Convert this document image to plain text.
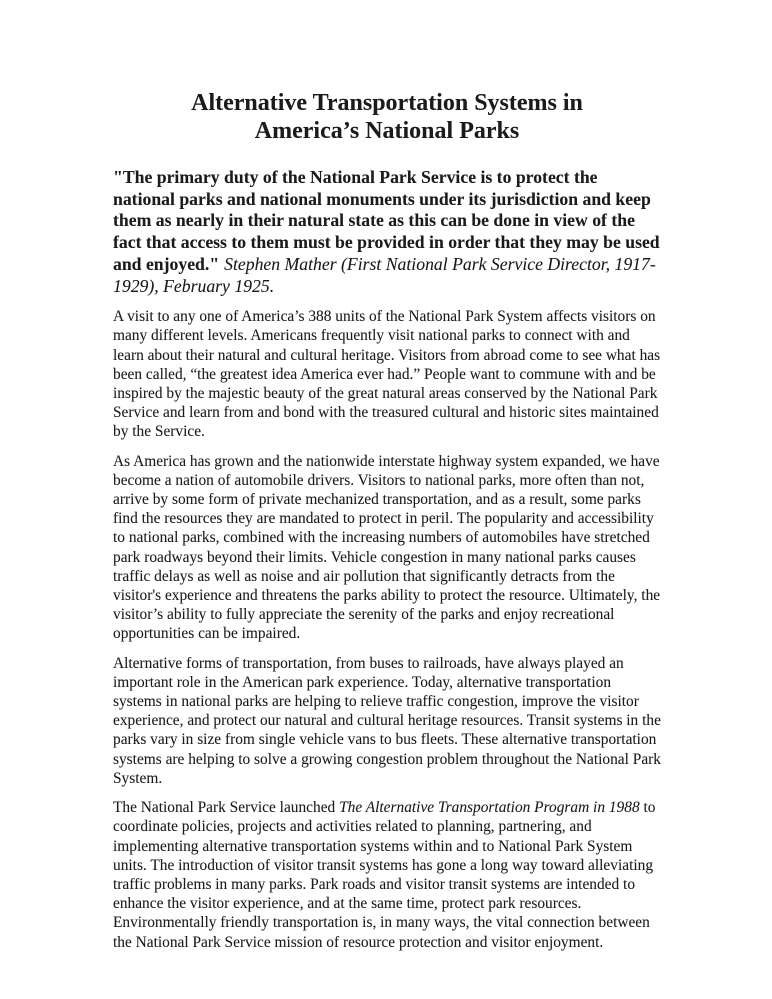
Alternative Transportation Systems in
America’s National Parks

"The primary duty of the National Park Service is to protect the national parks and national monuments under its jurisdiction and keep them as nearly in their natural state as this can be done in view of the fact that access to them must be provided in order that they may be used and enjoyed." Stephen Mather (First National Park Service Director, 1917-1929), February 1925.

A visit to any one of America’s 388 units of the National Park System affects visitors on many different levels. Americans frequently visit national parks to connect with and learn about their natural and cultural heritage. Visitors from abroad come to see what has been called, “the greatest idea America ever had.” People want to commune with and be inspired by the majestic beauty of the great natural areas conserved by the National Park Service and learn from and bond with the treasured cultural and historic sites maintained by the Service.

As America has grown and the nationwide interstate highway system expanded, we have become a nation of automobile drivers. Visitors to national parks, more often than not, arrive by some form of private mechanized transportation, and as a result, some parks find the resources they are mandated to protect in peril. The popularity and accessibility to national parks, combined with the increasing numbers of automobiles have stretched park roadways beyond their limits. Vehicle congestion in many national parks causes traffic delays as well as noise and air pollution that significantly detracts from the visitor's experience and threatens the parks ability to protect the resource. Ultimately, the visitor’s ability to fully appreciate the serenity of the parks and enjoy recreational opportunities can be impaired.

Alternative forms of transportation, from buses to railroads, have always played an important role in the American park experience. Today, alternative transportation systems in national parks are helping to relieve traffic congestion, improve the visitor experience, and protect our natural and cultural heritage resources. Transit systems in the parks vary in size from single vehicle vans to bus fleets. These alternative transportation systems are helping to solve a growing congestion problem throughout the National Park System.

The National Park Service launched The Alternative Transportation Program in 1988 to coordinate policies, projects and activities related to planning, partnering, and implementing alternative transportation systems within and to National Park System units. The introduction of visitor transit systems has gone a long way toward alleviating traffic problems in many parks. Park roads and visitor transit systems are intended to enhance the visitor experience, and at the same time, protect park resources. Environmentally friendly transportation is, in many ways, the vital connection between the National Park Service mission of resource protection and visitor enjoyment.
